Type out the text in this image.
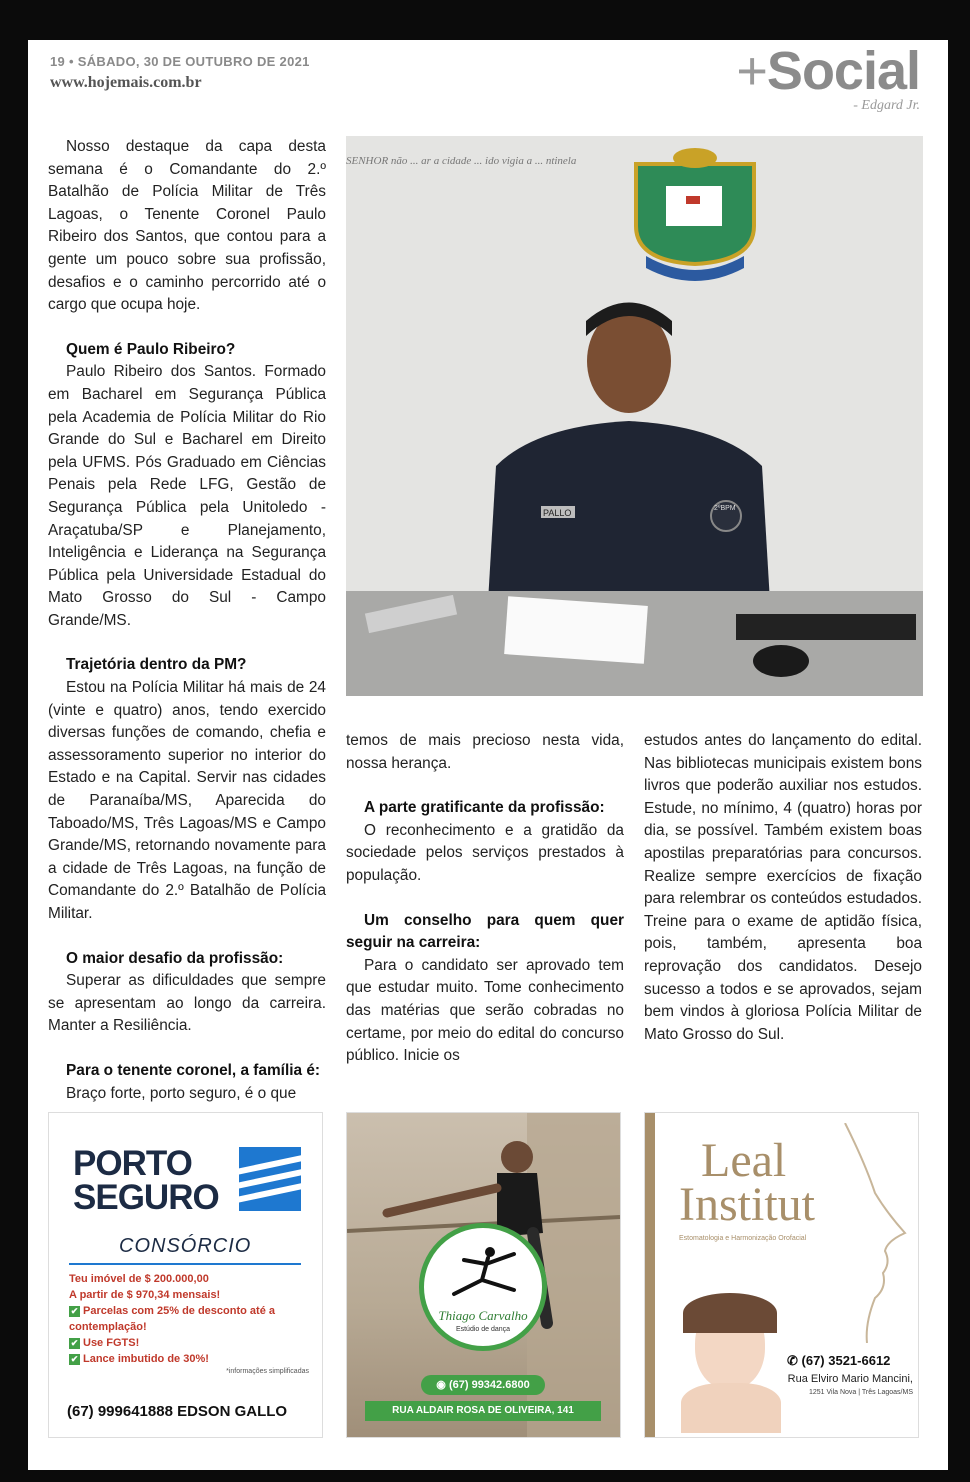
19 • SÁBADO, 30 DE OUTUBRO DE 2021
www.hojemais.com.br	+Social
- Edgard Jr.

Nosso destaque da capa desta semana é o Comandante do 2.º Batalhão de Polícia Militar de Três Lagoas, o Tenente Coronel Paulo Ribeiro dos Santos, que contou para a gente um pouco sobre sua profissão, desafios e o caminho percorrido até o cargo que ocupa hoje.

Quem é Paulo Ribeiro?

Paulo Ribeiro dos Santos. Formado em Bacharel em Segurança Pública pela Academia de Polícia Militar do Rio Grande do Sul e Bacharel em Direito pela UFMS. Pós Graduado em Ciências Penais pela Rede LFG, Gestão de Segurança Pública pela Unitoledo - Araçatuba/SP e Planejamento, Inteligência e Liderança na Segurança Pública pela Universidade Estadual do Mato Grosso do Sul - Campo Grande/MS.

Trajetória dentro da PM?

Estou na Polícia Militar há mais de 24 (vinte e quatro) anos, tendo exercido diversas funções de comando, chefia e assessoramento superior no interior do Estado e na Capital. Servir nas cidades de Paranaíba/MS, Aparecida do Taboado/MS, Três Lagoas/MS e Campo Grande/MS, retornando novamente para a cidade de Três Lagoas, na função de Comandante do 2.º Batalhão de Polícia Militar.

O maior desafio da profissão:

Superar as dificuldades que sempre se apresentam ao longo da carreira. Manter a Resiliência.

Para o tenente coronel, a família é:

Braço forte, porto seguro, é o que

SENHOR não ... ar a cidade ... ido vigia a ... ntinela
PALLO	2ºBPM

temos de mais precioso nesta vida, nossa herança.

A parte gratificante da profissão:

O reconhecimento e a gratidão da sociedade pelos serviços prestados à população.

Um conselho para quem quer seguir na carreira:

Para o candidato ser aprovado tem que estudar muito. Tome conhecimento das matérias que serão cobradas no certame, por meio do edital do concurso público. Inicie os

estudos antes do lançamento do edital. Nas bibliotecas municipais existem bons livros que poderão auxiliar nos estudos. Estude, no mínimo, 4 (quatro) horas por dia, se possível. Também existem boas apostilas preparatórias para concursos. Realize sempre exercícios de fixação para relembrar os conteúdos estudados. Treine para o exame de aptidão física, pois, também, apresenta boa reprovação dos candidatos. Desejo sucesso a todos e se aprovados, sejam bem vindos à gloriosa Polícia Militar de Mato Grosso do Sul.

PORTO
SEGURO
CONSÓRCIO
Teu imóvel de $ 200.000,00
A partir de $ 970,34 mensais!
✔ Parcelas com 25% de desconto até a contemplação!
✔ Use FGTS!
✔ Lance imbutido de 30%!
*informações simplificadas
(67) 999641888 EDSON GALLO
Thiago Carvalho
Estúdio de dança
◉ (67) 99342.6800
RUA ALDAIR ROSA DE OLIVEIRA, 141
Leal
Institut
Estomatologia e Harmonização Orofacial
✆ (67) 3521-6612
Rua Elviro Mario Mancini,
1251 Vila Nova | Três Lagoas/MS
